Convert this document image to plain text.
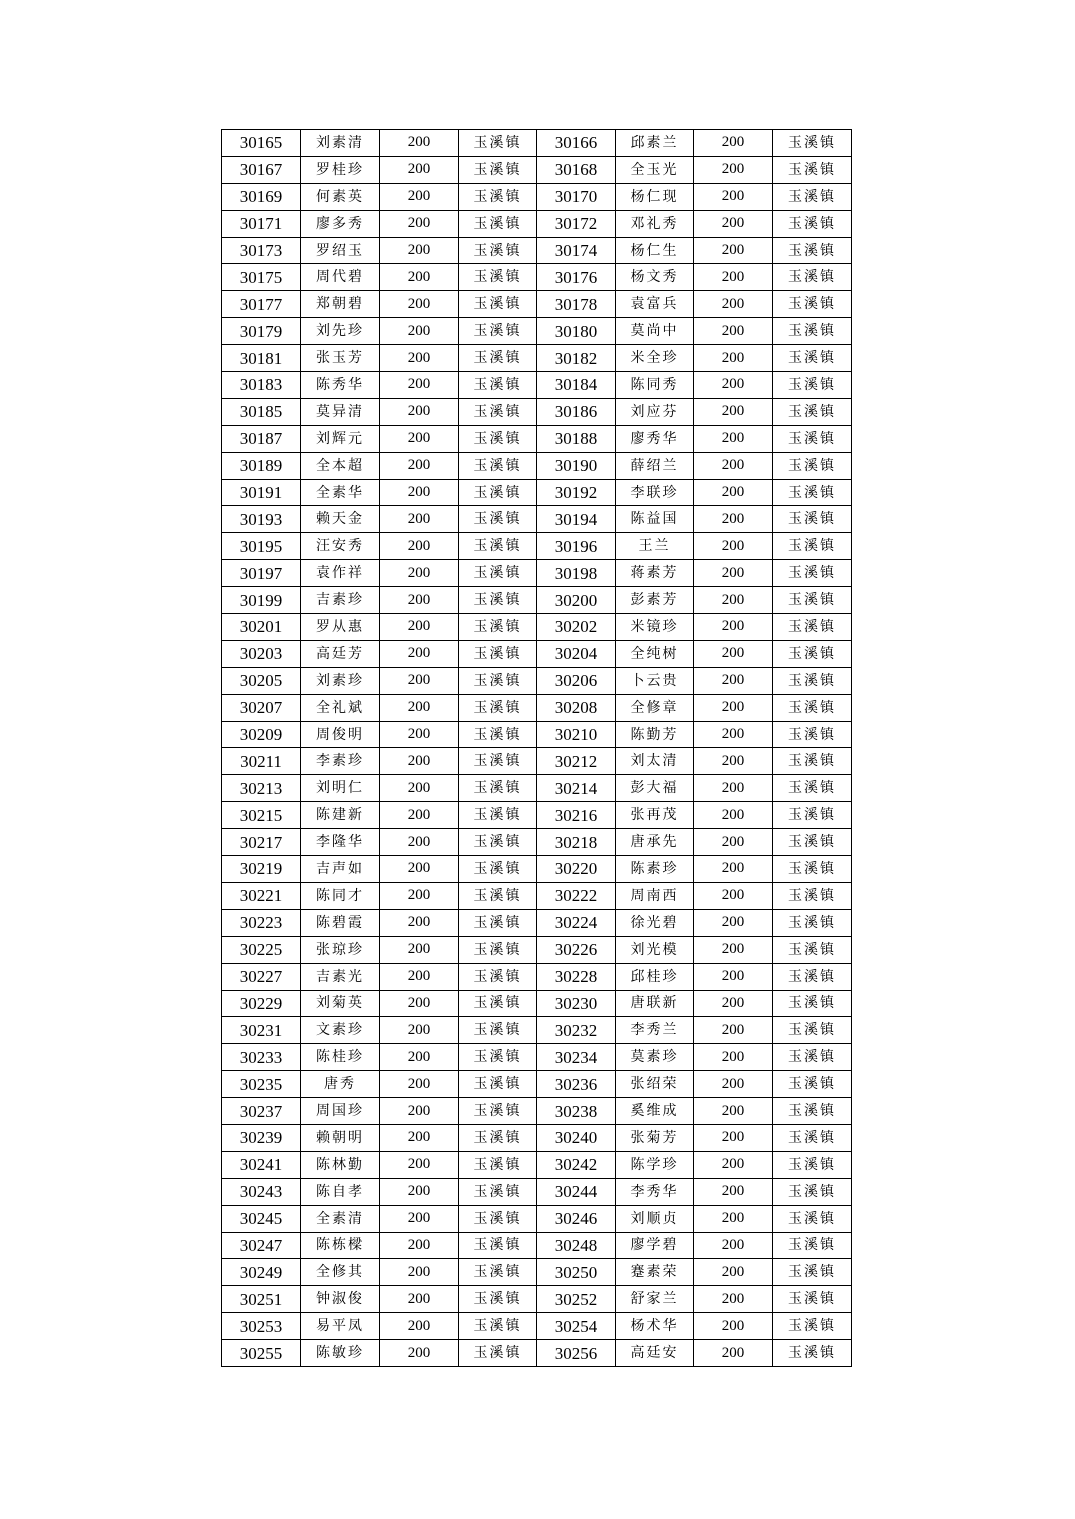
30165	刘素清	200	玉溪镇	30166	邱素兰	200	玉溪镇
30167	罗桂珍	200	玉溪镇	30168	全玉光	200	玉溪镇
30169	何素英	200	玉溪镇	30170	杨仁现	200	玉溪镇
30171	廖多秀	200	玉溪镇	30172	邓礼秀	200	玉溪镇
30173	罗绍玉	200	玉溪镇	30174	杨仁生	200	玉溪镇
30175	周代碧	200	玉溪镇	30176	杨文秀	200	玉溪镇
30177	郑朝碧	200	玉溪镇	30178	袁富兵	200	玉溪镇
30179	刘先珍	200	玉溪镇	30180	莫尚中	200	玉溪镇
30181	张玉芳	200	玉溪镇	30182	米全珍	200	玉溪镇
30183	陈秀华	200	玉溪镇	30184	陈同秀	200	玉溪镇
30185	莫异清	200	玉溪镇	30186	刘应芬	200	玉溪镇
30187	刘辉元	200	玉溪镇	30188	廖秀华	200	玉溪镇
30189	全本超	200	玉溪镇	30190	薛绍兰	200	玉溪镇
30191	全素华	200	玉溪镇	30192	李联珍	200	玉溪镇
30193	赖天金	200	玉溪镇	30194	陈益国	200	玉溪镇
30195	汪安秀	200	玉溪镇	30196	王兰	200	玉溪镇
30197	袁作祥	200	玉溪镇	30198	蒋素芳	200	玉溪镇
30199	吉素珍	200	玉溪镇	30200	彭素芳	200	玉溪镇
30201	罗从惠	200	玉溪镇	30202	米镜珍	200	玉溪镇
30203	高廷芳	200	玉溪镇	30204	全纯树	200	玉溪镇
30205	刘素珍	200	玉溪镇	30206	卜云贵	200	玉溪镇
30207	全礼斌	200	玉溪镇	30208	全修章	200	玉溪镇
30209	周俊明	200	玉溪镇	30210	陈勤芳	200	玉溪镇
30211	李素珍	200	玉溪镇	30212	刘太清	200	玉溪镇
30213	刘明仁	200	玉溪镇	30214	彭大福	200	玉溪镇
30215	陈建新	200	玉溪镇	30216	张再茂	200	玉溪镇
30217	李隆华	200	玉溪镇	30218	唐承先	200	玉溪镇
30219	吉声如	200	玉溪镇	30220	陈素珍	200	玉溪镇
30221	陈同才	200	玉溪镇	30222	周南西	200	玉溪镇
30223	陈碧霞	200	玉溪镇	30224	徐光碧	200	玉溪镇
30225	张琼珍	200	玉溪镇	30226	刘光模	200	玉溪镇
30227	吉素光	200	玉溪镇	30228	邱桂珍	200	玉溪镇
30229	刘菊英	200	玉溪镇	30230	唐联新	200	玉溪镇
30231	文素珍	200	玉溪镇	30232	李秀兰	200	玉溪镇
30233	陈桂珍	200	玉溪镇	30234	莫素珍	200	玉溪镇
30235	唐秀	200	玉溪镇	30236	张绍荣	200	玉溪镇
30237	周国珍	200	玉溪镇	30238	奚维成	200	玉溪镇
30239	赖朝明	200	玉溪镇	30240	张菊芳	200	玉溪镇
30241	陈林勤	200	玉溪镇	30242	陈学珍	200	玉溪镇
30243	陈自孝	200	玉溪镇	30244	李秀华	200	玉溪镇
30245	全素清	200	玉溪镇	30246	刘顺贞	200	玉溪镇
30247	陈栋樑	200	玉溪镇	30248	廖学碧	200	玉溪镇
30249	全修其	200	玉溪镇	30250	蹇素荣	200	玉溪镇
30251	钟淑俊	200	玉溪镇	30252	舒家兰	200	玉溪镇
30253	易平凤	200	玉溪镇	30254	杨术华	200	玉溪镇
30255	陈敏珍	200	玉溪镇	30256	高廷安	200	玉溪镇
